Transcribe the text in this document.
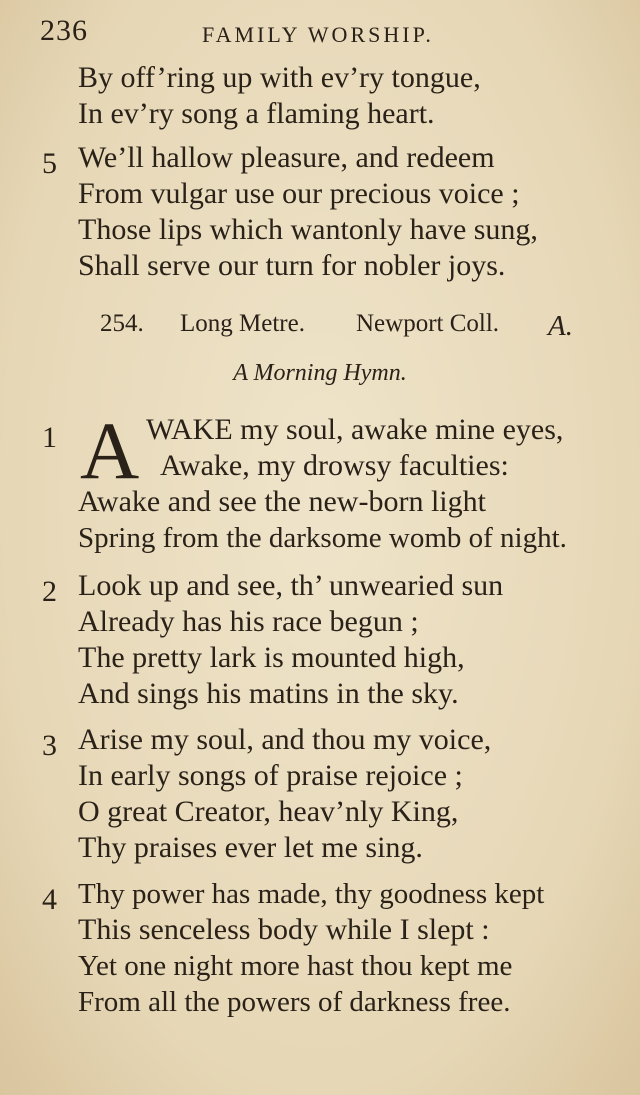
236	FAMILY WORSHIP.
By off’ring up with ev’ry tongue,
In ev’ry song a flaming heart.
5 We’ll hallow pleasure, and redeem
From vulgar use our precious voice ;
Those lips which wantonly have sung,
Shall serve our turn for nobler joys.
254. Long Metre. Newport Coll. A.
A Morning Hymn.
1 A WAKE my soul, awake mine eyes,
Awake, my drowsy faculties:
Awake and see the new-born light
Spring from the darksome womb of night.
2 Look up and see, th’ unwearied sun
Already has his race begun ;
The pretty lark is mounted high,
And sings his matins in the sky.
3 Arise my soul, and thou my voice,
In early songs of praise rejoice ;
O great Creator, heav’nly King,
Thy praises ever let me sing.
4 Thy power has made, thy goodness kept
This senceless body while I slept :
Yet one night more hast thou kept me
From all the powers of darkness free.
